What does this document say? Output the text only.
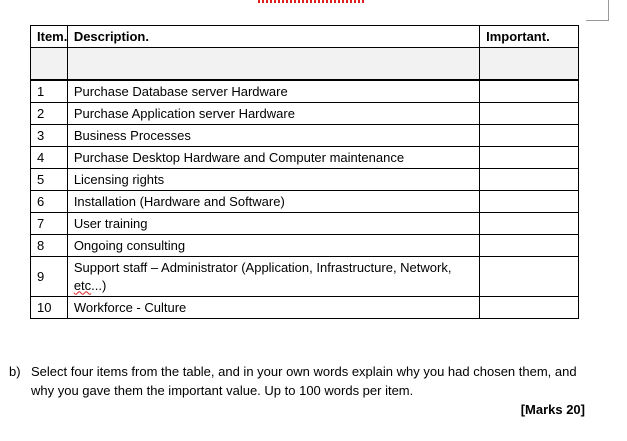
Item.	Description.	Important.

1	Purchase Database server Hardware	
2	Purchase Application server Hardware	
3	Business Processes	
4	Purchase Desktop Hardware and Computer maintenance	
5	Licensing rights	
6	Installation (Hardware and Software)	
7	User training	
8	Ongoing consulting	
9	Support staff – Administrator (Application, Infrastructure, Network, etc...)	
10	Workforce - Culture	
b) Select four items from the table, and in your own words explain why you had chosen them, and why you gave them the important value. Up to 100 words per item.
[Marks 20]
